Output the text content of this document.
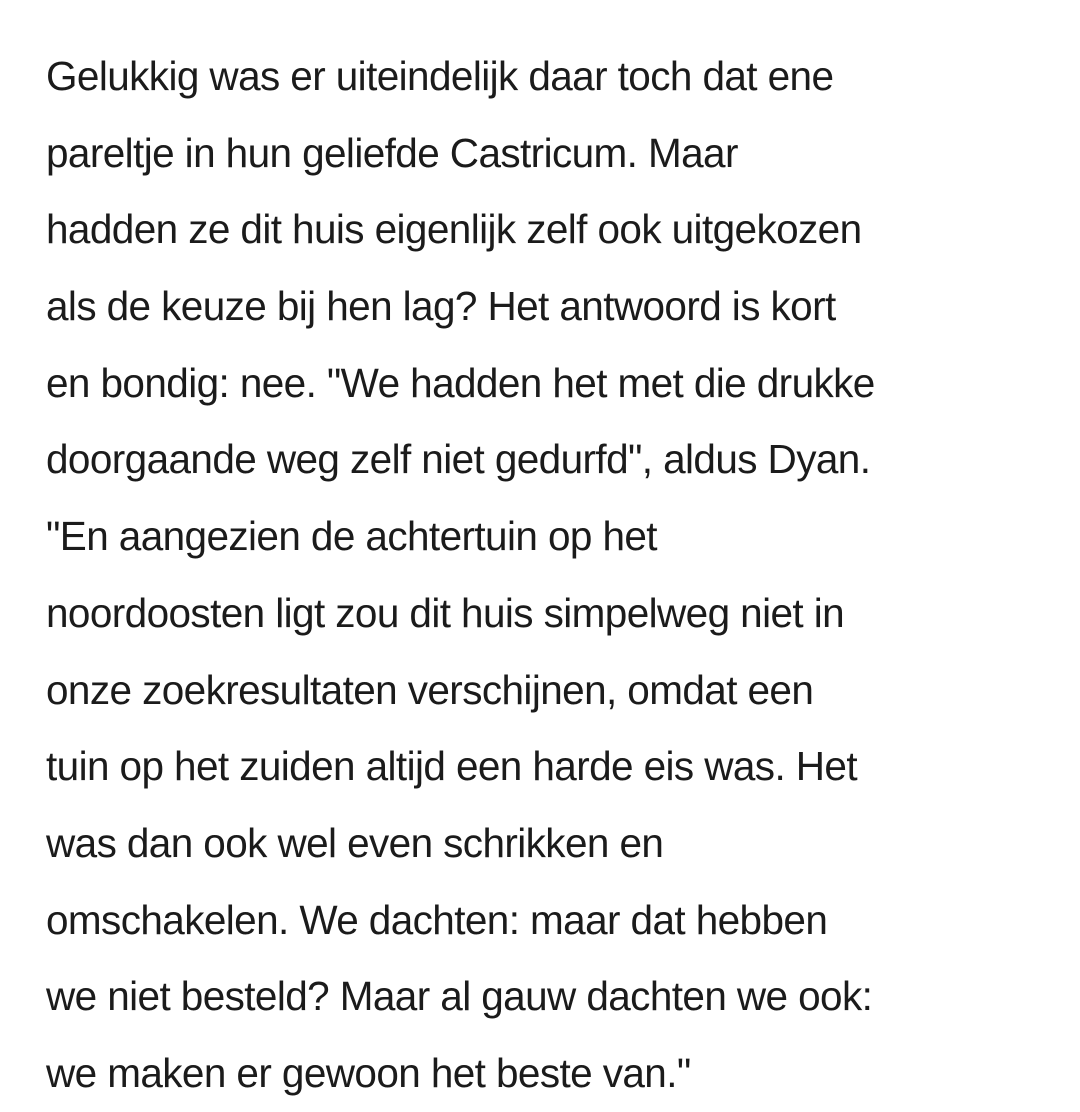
Gelukkig was er uiteindelijk daar toch dat ene
pareltje in hun geliefde Castricum. Maar
hadden ze dit huis eigenlijk zelf ook uitgekozen
als de keuze bij hen lag? Het antwoord is kort
en bondig: nee. "We hadden het met die drukke
doorgaande weg zelf niet gedurfd", aldus Dyan.
"En aangezien de achtertuin op het
noordoosten ligt zou dit huis simpelweg niet in
onze zoekresultaten verschijnen, omdat een
tuin op het zuiden altijd een harde eis was. Het
was dan ook wel even schrikken en
omschakelen. We dachten: maar dat hebben
we niet besteld? Maar al gauw dachten we ook:
we maken er gewoon het beste van."
